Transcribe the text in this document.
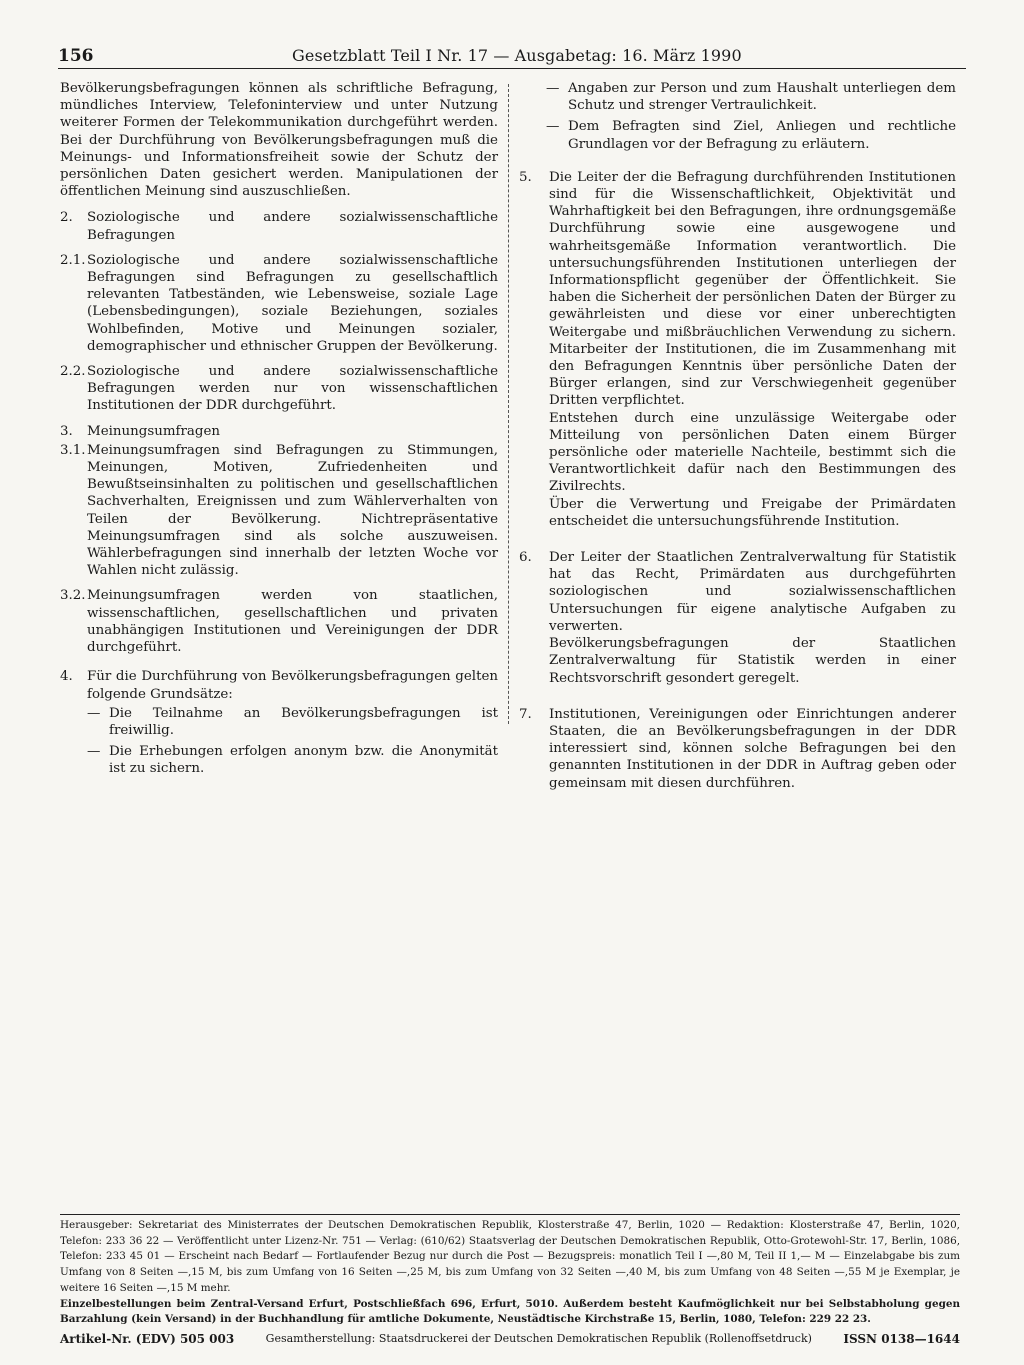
156	Gesetzblatt Teil I Nr. 17 — Ausgabetag: 16. März 1990

Bevölkerungsbefragungen können als schriftliche Befragung, mündliches Interview, Telefoninterview und unter Nutzung weiterer Formen der Telekommunikation durchgeführt werden. Bei der Durchführung von Bevölkerungsbefragungen muß die Meinungs- und Informationsfreiheit sowie der Schutz der persönlichen Daten gesichert werden. Manipulationen der öffentlichen Meinung sind auszuschließen.

2.	Soziologische und andere sozialwissenschaftliche Befragungen

2.1. Soziologische und andere sozialwissenschaftliche Befragungen sind Befragungen zu gesellschaftlich relevanten Tatbeständen, wie Lebensweise, soziale Lage (Lebensbedingungen), soziale Beziehungen, soziales Wohlbefinden, Motive und Meinungen sozialer, demographischer und ethnischer Gruppen der Bevölkerung.

2.2. Soziologische und andere sozialwissenschaftliche Befragungen werden nur von wissenschaftlichen Institutionen der DDR durchgeführt.

3.	Meinungsumfragen

3.1. Meinungsumfragen sind Befragungen zu Stimmungen, Meinungen, Motiven, Zufriedenheiten und Bewußtseinsinhalten zu politischen und gesellschaftlichen Sachverhalten, Ereignissen und zum Wählerverhalten von Teilen der Bevölkerung. Nichtrepräsentative Meinungsumfragen sind als solche auszuweisen. Wählerbefragungen sind innerhalb der letzten Woche vor Wahlen nicht zulässig.

3.2. Meinungsumfragen werden von staatlichen, wissenschaftlichen, gesellschaftlichen und privaten unabhängigen Institutionen und Vereinigungen der DDR durchgeführt.

4.	Für die Durchführung von Bevölkerungsbefragungen gelten folgende Grundsätze:

— Die Teilnahme an Bevölkerungsbefragungen ist freiwillig.

— Die Erhebungen erfolgen anonym bzw. die Anonymität ist zu sichern.

— Angaben zur Person und zum Haushalt unterliegen dem Schutz und strenger Vertraulichkeit.

— Dem Befragten sind Ziel, Anliegen und rechtliche Grundlagen vor der Befragung zu erläutern.

5.	Die Leiter der die Befragung durchführenden Institutionen sind für die Wissenschaftlichkeit, Objektivität und Wahrhaftigkeit bei den Befragungen, ihre ordnungsgemäße Durchführung sowie eine ausgewogene und wahrheitsgemäße Information verantwortlich. Die untersuchungsführenden Institutionen unterliegen der Informationspflicht gegenüber der Öffentlichkeit. Sie haben die Sicherheit der persönlichen Daten der Bürger zu gewährleisten und diese vor einer unberechtigten Weitergabe und mißbräuchlichen Verwendung zu sichern. Mitarbeiter der Institutionen, die im Zusammenhang mit den Befragungen Kenntnis über persönliche Daten der Bürger erlangen, sind zur Verschwiegenheit gegenüber Dritten verpflichtet.

Entstehen durch eine unzulässige Weitergabe oder Mitteilung von persönlichen Daten einem Bürger persönliche oder materielle Nachteile, bestimmt sich die Verantwortlichkeit dafür nach den Bestimmungen des Zivilrechts.

Über die Verwertung und Freigabe der Primärdaten entscheidet die untersuchungsführende Institution.

6.	Der Leiter der Staatlichen Zentralverwaltung für Statistik hat das Recht, Primärdaten aus durchgeführten soziologischen und sozialwissenschaftlichen Untersuchungen für eigene analytische Aufgaben zu verwerten.

Bevölkerungsbefragungen der Staatlichen Zentralverwaltung für Statistik werden in einer Rechtsvorschrift gesondert geregelt.

7.	Institutionen, Vereinigungen oder Einrichtungen anderer Staaten, die an Bevölkerungsbefragungen in der DDR interessiert sind, können solche Befragungen bei den genannten Institutionen in der DDR in Auftrag geben oder gemeinsam mit diesen durchführen.

Herausgeber: Sekretariat des Ministerrates der Deutschen Demokratischen Republik, Klosterstraße 47, Berlin, 1020 — Redaktion: Klosterstraße 47, Berlin, 1020, Telefon: 233 36 22 — Veröffentlicht unter Lizenz-Nr. 751 — Verlag: (610/62) Staatsverlag der Deutschen Demokratischen Republik, Otto-Grotewohl-Str. 17, Berlin, 1086, Telefon: 233 45 01 — Erscheint nach Bedarf — Fortlaufender Bezug nur durch die Post — Bezugspreis: monatlich Teil I —,80 M, Teil II 1,— M — Einzelabgabe bis zum Umfang von 8 Seiten —,15 M, bis zum Umfang von 16 Seiten —,25 M, bis zum Umfang von 32 Seiten —,40 M, bis zum Umfang von 48 Seiten —,55 M je Exemplar, je weitere 16 Seiten —,15 M mehr.

Einzelbestellungen beim Zentral-Versand Erfurt, Postschließfach 696, Erfurt, 5010. Außerdem besteht Kaufmöglichkeit nur bei Selbstabholung gegen Barzahlung (kein Versand) in der Buchhandlung für amtliche Dokumente, Neustädtische Kirchstraße 15, Berlin, 1080, Telefon: 229 22 23.

Artikel-Nr. (EDV) 505 003	Gesamtherstellung: Staatsdruckerei der Deutschen Demokratischen Republik (Rollenoffsetdruck)	ISSN 0138—1644
